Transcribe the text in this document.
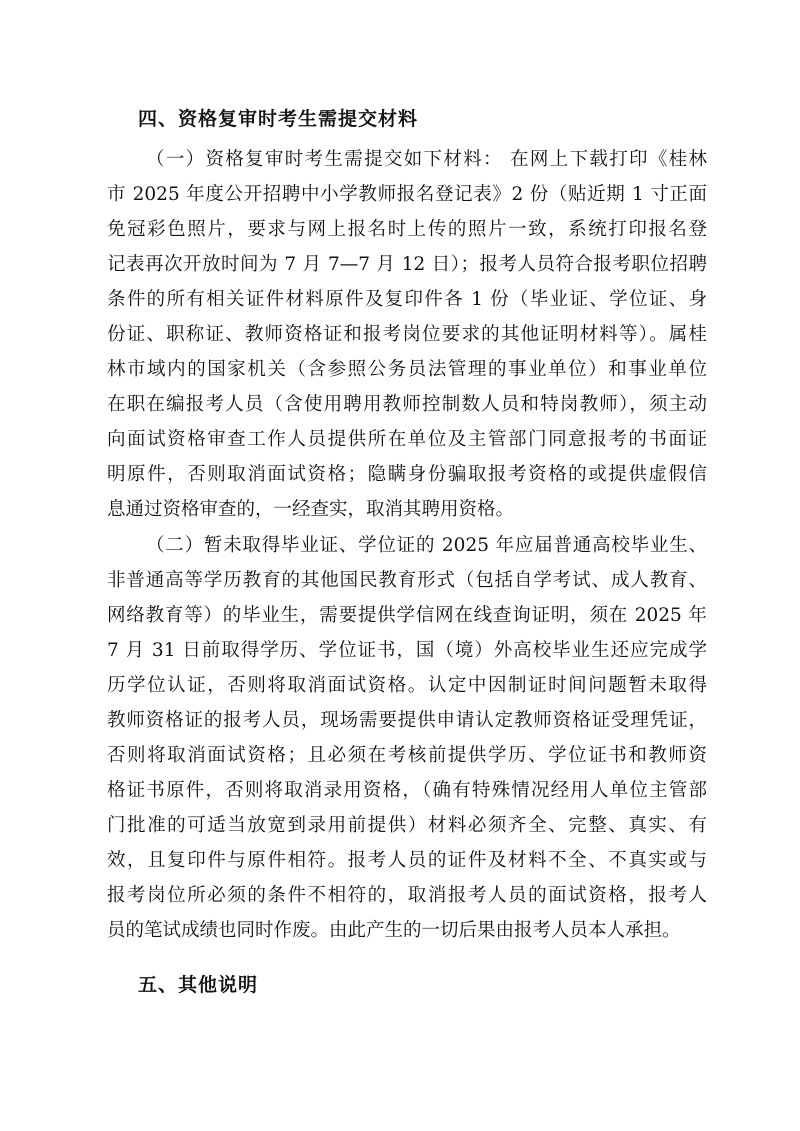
四、资格复审时考生需提交材料
（一）资格复审时考生需提交如下材料： 在网上下载打印《桂林
市 2025 年度公开招聘中小学教师报名登记表》2 份（贴近期 1 寸正面
免冠彩色照片，要求与网上报名时上传的照片一致，系统打印报名登
记表再次开放时间为 7 月 7—7 月 12 日）；报考人员符合报考职位招聘
条件的所有相关证件材料原件及复印件各 1 份（毕业证、学位证、身
份证、职称证、教师资格证和报考岗位要求的其他证明材料等）。属桂
林市域内的国家机关（含参照公务员法管理的事业单位）和事业单位
在职在编报考人员（含使用聘用教师控制数人员和特岗教师），须主动
向面试资格审查工作人员提供所在单位及主管部门同意报考的书面证
明原件，否则取消面试资格；隐瞒身份骗取报考资格的或提供虚假信
息通过资格审查的，一经查实，取消其聘用资格。
（二）暂未取得毕业证、学位证的 2025 年应届普通高校毕业生、
非普通高等学历教育的其他国民教育形式（包括自学考试、成人教育、
网络教育等）的毕业生，需要提供学信网在线查询证明，须在 2025 年
7 月 31 日前取得学历、学位证书，国（境）外高校毕业生还应完成学
历学位认证，否则将取消面试资格。认定中因制证时间问题暂未取得
教师资格证的报考人员，现场需要提供申请认定教师资格证受理凭证，
否则将取消面试资格；且必须在考核前提供学历、学位证书和教师资
格证书原件，否则将取消录用资格，（确有特殊情况经用人单位主管部
门批准的可适当放宽到录用前提供）材料必须齐全、完整、真实、有
效，且复印件与原件相符。报考人员的证件及材料不全、不真实或与
报考岗位所必须的条件不相符的，取消报考人员的面试资格，报考人
员的笔试成绩也同时作废。由此产生的一切后果由报考人员本人承担。
五、其他说明
